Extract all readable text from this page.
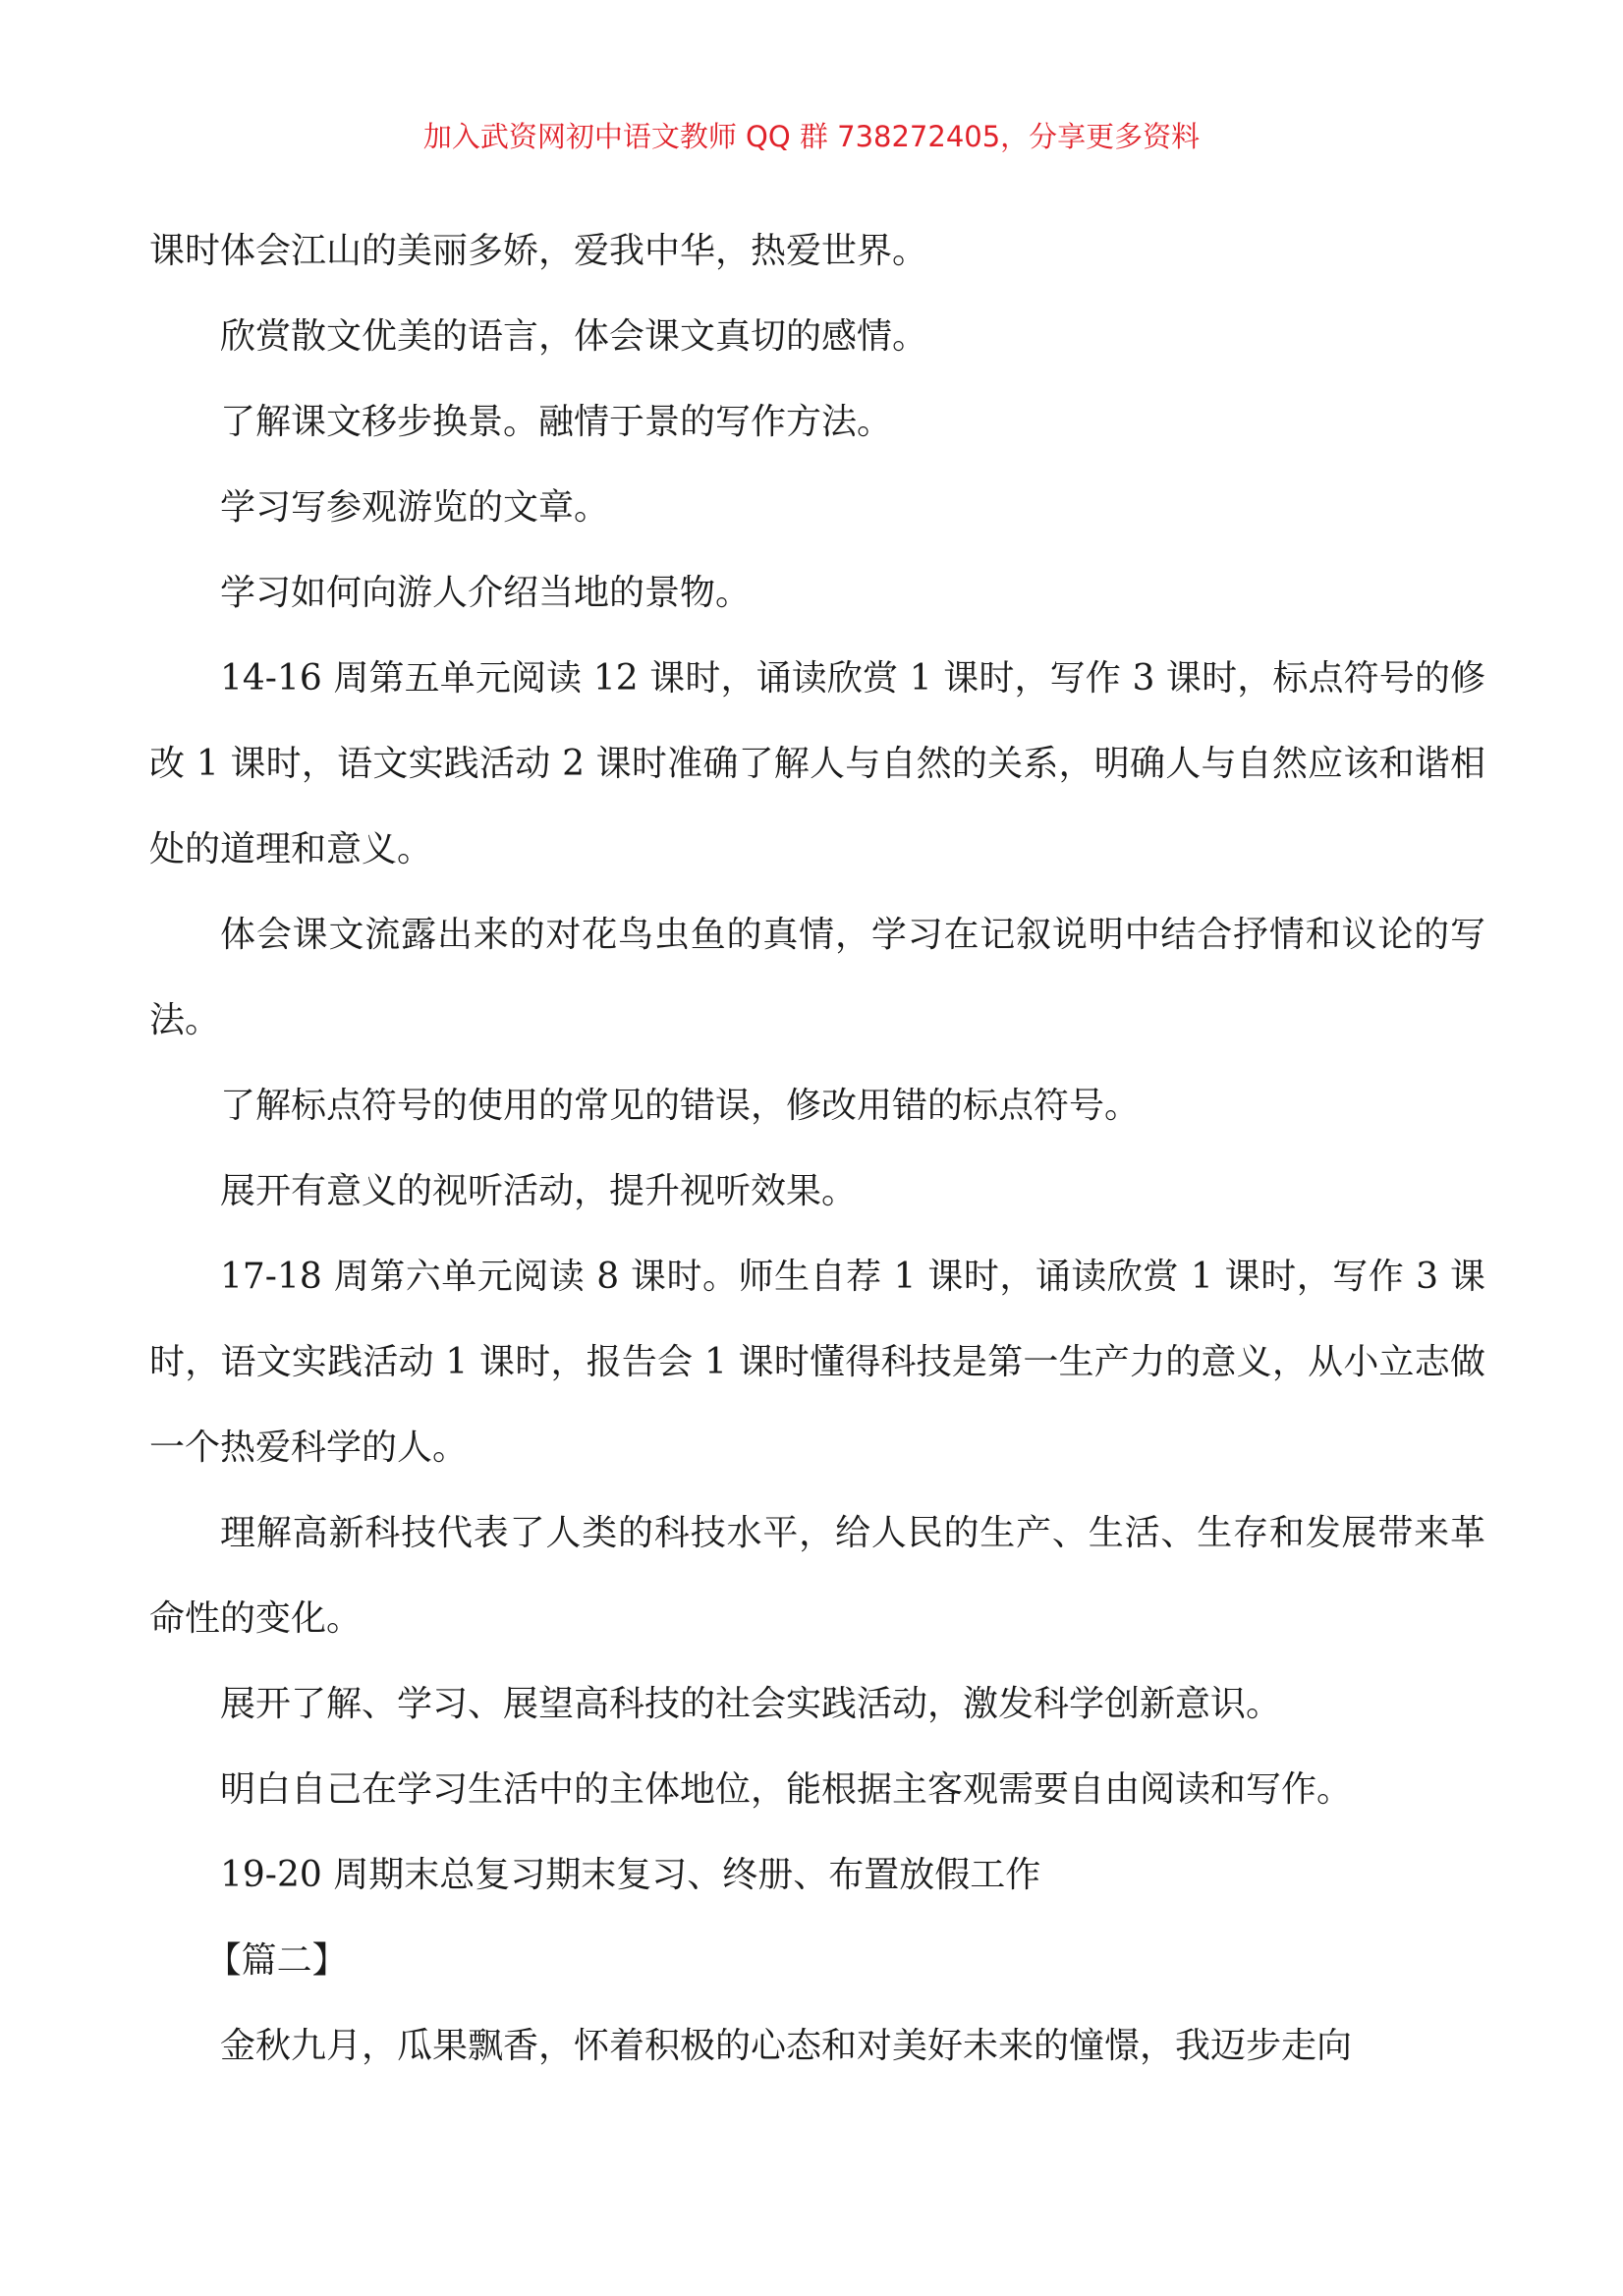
加入武资网初中语文教师 QQ 群 738272405，分享更多资料

课时体会江山的美丽多娇，爱我中华，热爱世界。

欣赏散文优美的语言，体会课文真切的感情。

了解课文移步换景。融情于景的写作方法。

学习写参观游览的文章。

学习如何向游人介绍当地的景物。

14-16 周第五单元阅读 12 课时，诵读欣赏 1 课时，写作 3 课时，标点符号的修改 1 课时，语文实践活动 2 课时准确了解人与自然的关系，明确人与自然应该和谐相处的道理和意义。

体会课文流露出来的对花鸟虫鱼的真情，学习在记叙说明中结合抒情和议论的写法。

了解标点符号的使用的常见的错误，修改用错的标点符号。

展开有意义的视听活动，提升视听效果。

17-18 周第六单元阅读 8 课时。师生自荐 1 课时，诵读欣赏 1 课时，写作 3 课时，语文实践活动 1 课时，报告会 1 课时懂得科技是第一生产力的意义，从小立志做一个热爱科学的人。

理解高新科技代表了人类的科技水平，给人民的生产、生活、生存和发展带来革命性的变化。

展开了解、学习、展望高科技的社会实践活动，激发科学创新意识。

明白自己在学习生活中的主体地位，能根据主客观需要自由阅读和写作。

19-20 周期末总复习期末复习、终册、布置放假工作

【篇二】

金秋九月，瓜果飘香，怀着积极的心态和对美好未来的憧憬，我迈步走向
